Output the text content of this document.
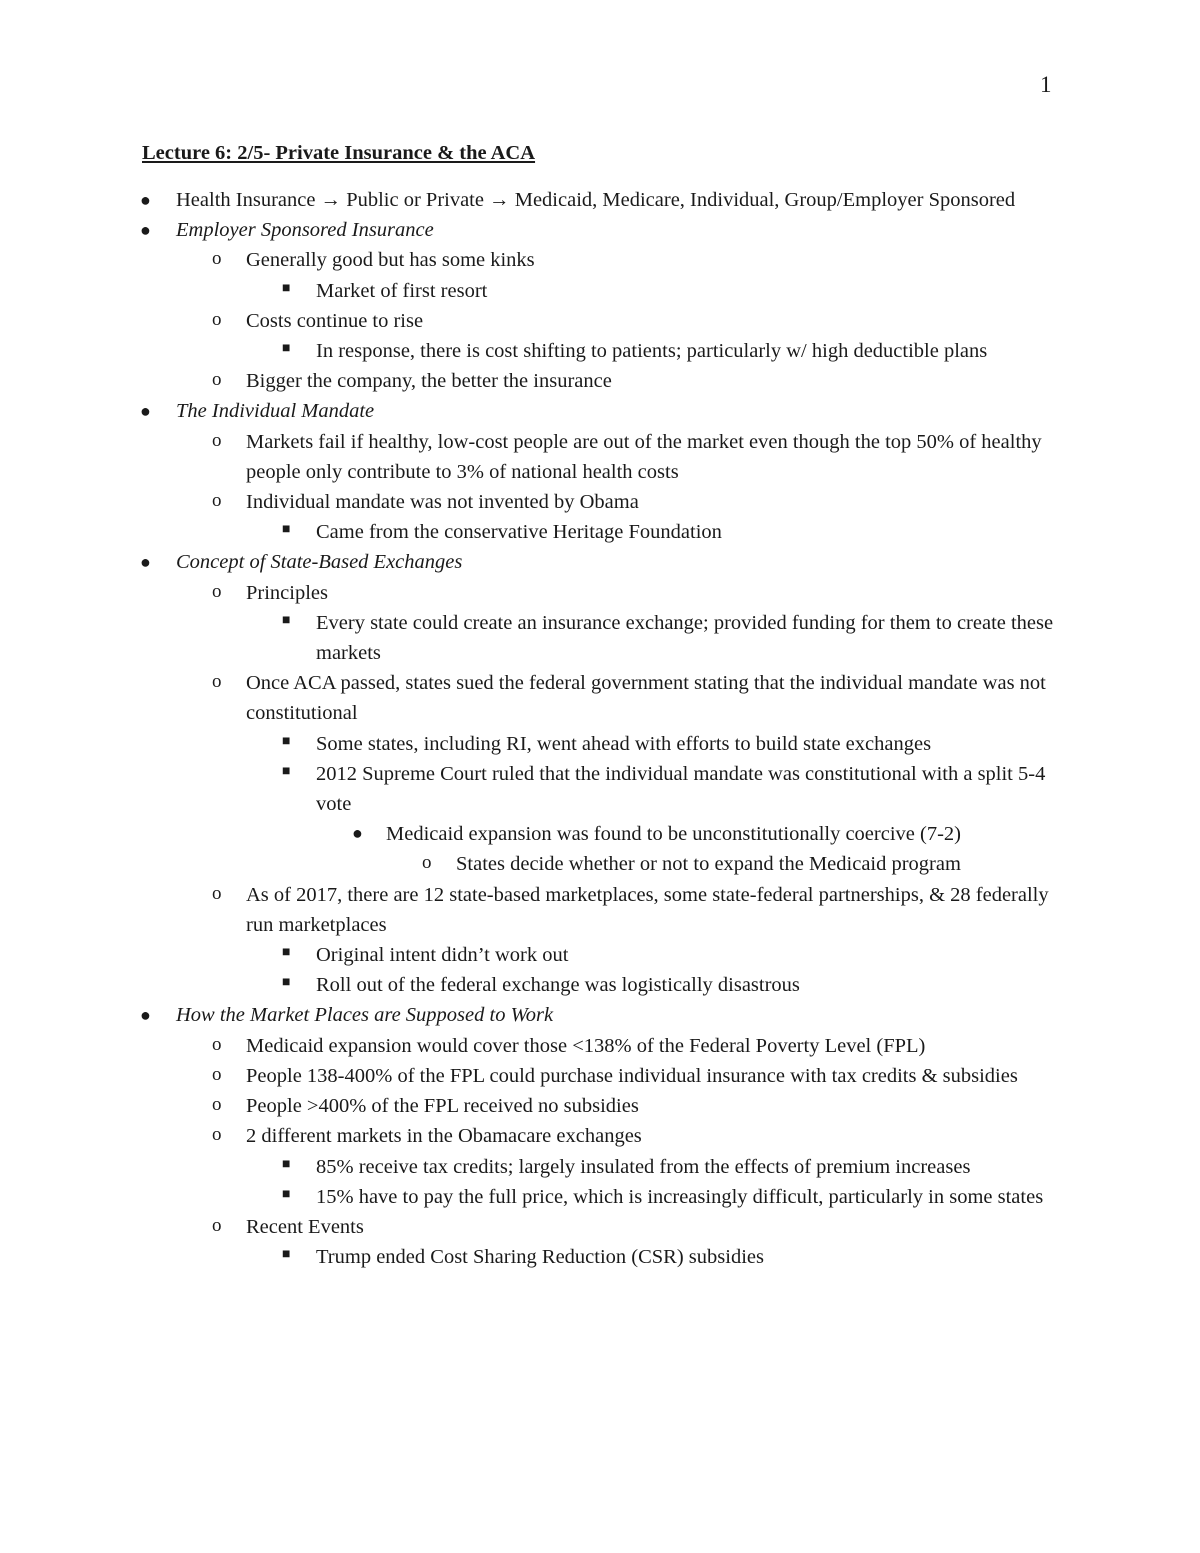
1
Lecture 6: 2/5- Private Insurance & the ACA
● Health Insurance → Public or Private → Medicaid, Medicare, Individual, Group/Employer Sponsored
● Employer Sponsored Insurance
o Generally good but has some kinks
■ Market of first resort
o Costs continue to rise
■ In response, there is cost shifting to patients; particularly w/ high deductible plans
o Bigger the company, the better the insurance
● The Individual Mandate
o Markets fail if healthy, low-cost people are out of the market even though the top 50% of healthy people only contribute to 3% of national health costs
o Individual mandate was not invented by Obama
■ Came from the conservative Heritage Foundation
● Concept of State-Based Exchanges
o Principles
■ Every state could create an insurance exchange; provided funding for them to create these markets
o Once ACA passed, states sued the federal government stating that the individual mandate was not constitutional
■ Some states, including RI, went ahead with efforts to build state exchanges
■ 2012 Supreme Court ruled that the individual mandate was constitutional with a split 5-4 vote
● Medicaid expansion was found to be unconstitutionally coercive (7-2)
o States decide whether or not to expand the Medicaid program
o As of 2017, there are 12 state-based marketplaces, some state-federal partnerships, & 28 federally run marketplaces
■ Original intent didn’t work out
■ Roll out of the federal exchange was logistically disastrous
● How the Market Places are Supposed to Work
o Medicaid expansion would cover those <138% of the Federal Poverty Level (FPL)
o People 138-400% of the FPL could purchase individual insurance with tax credits & subsidies
o People >400% of the FPL received no subsidies
o 2 different markets in the Obamacare exchanges
■ 85% receive tax credits; largely insulated from the effects of premium increases
■ 15% have to pay the full price, which is increasingly difficult, particularly in some states
o Recent Events
■ Trump ended Cost Sharing Reduction (CSR) subsidies
